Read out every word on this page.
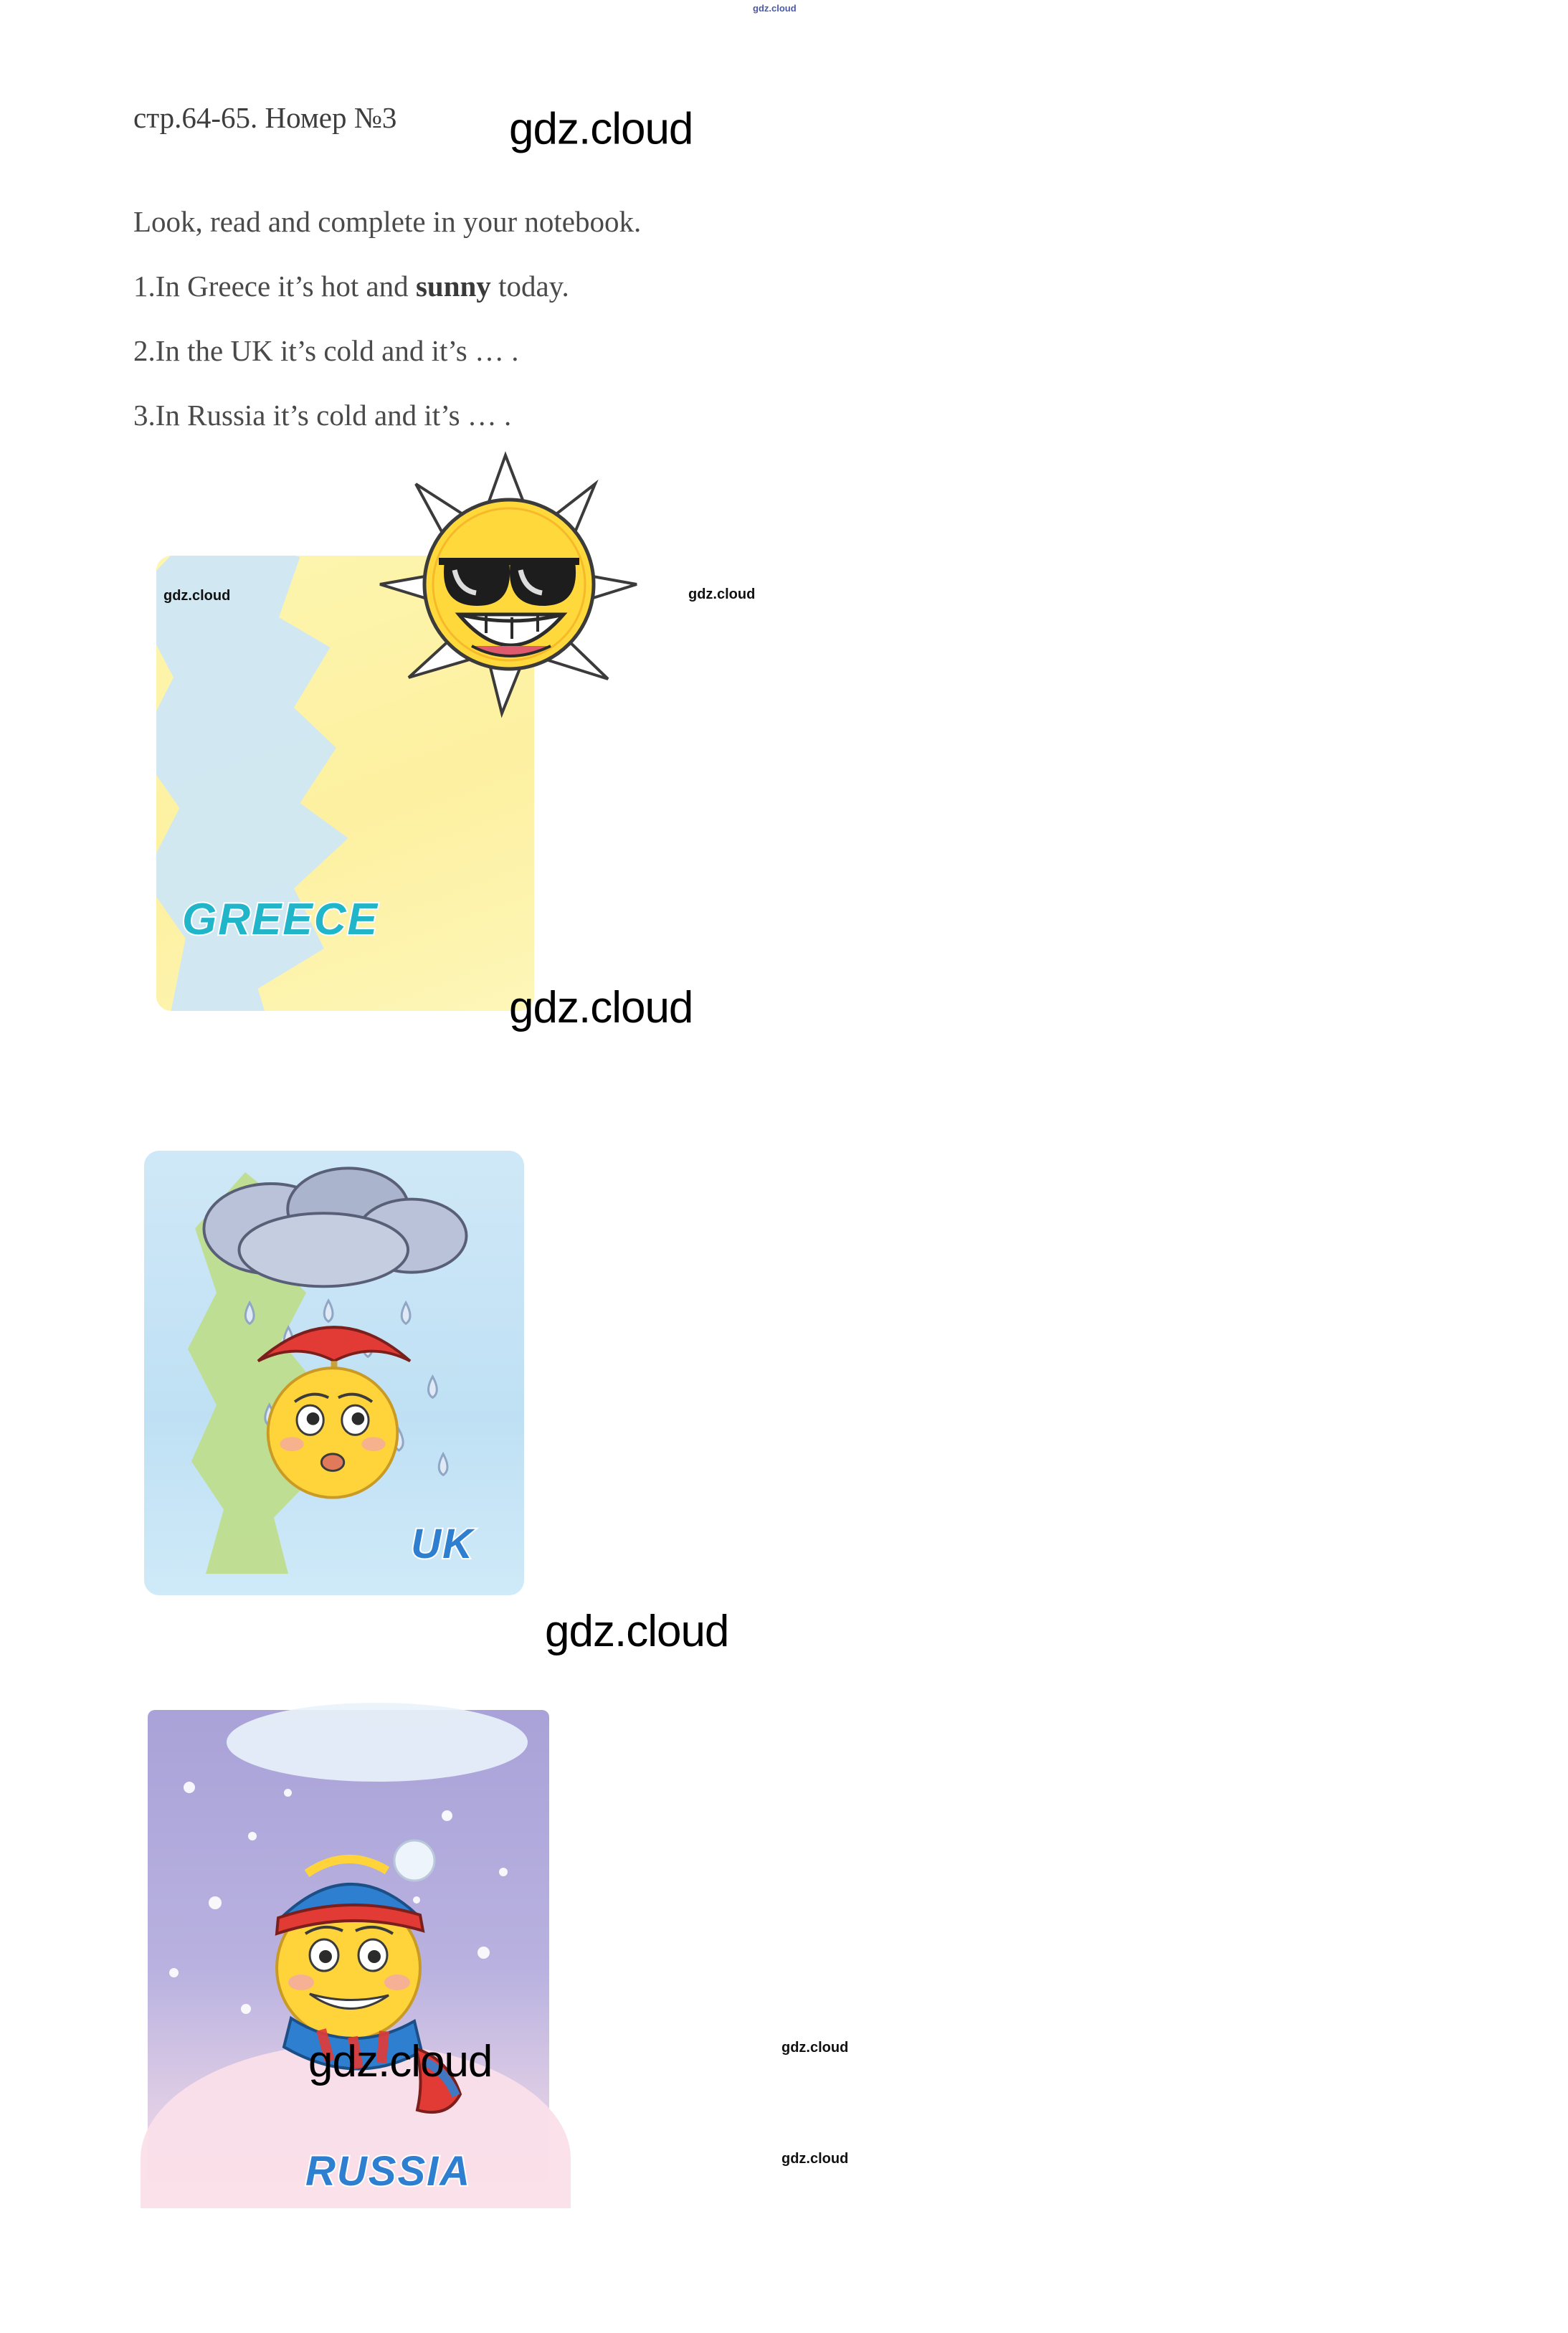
gdz.cloud
стр.64-65. Номер №3	gdz.cloud
Look, read and complete in your notebook.
1.In Greece it’s hot and sunny today.
2.In the UK it’s cold and it’s … .
3.In Russia it’s cold and it’s … .
GREECE
gdz.cloud	gdz.cloud
gdz.cloud
UK
gdz.cloud
RUSSIA
gdz.cloud	gdz.cloud
gdz.cloud
